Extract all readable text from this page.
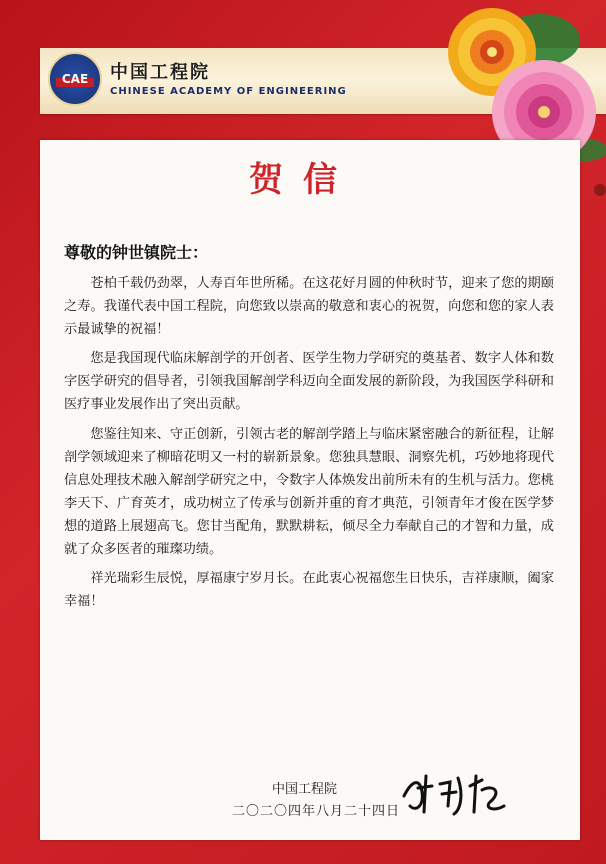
CAE	中国工程院
CHINESE ACADEMY OF ENGINEERING
贺信
尊敬的钟世镇院士：

苍柏千载仍劲翠，人寿百年世所稀。在这花好月圆的仲秋时节，迎来了您的期颐之寿。我谨代表中国工程院，向您致以崇高的敬意和衷心的祝贺，向您和您的家人表示最诚挚的祝福！

您是我国现代临床解剖学的开创者、医学生物力学研究的奠基者、数字人体和数字医学研究的倡导者，引领我国解剖学科迈向全面发展的新阶段，为我国医学科研和医疗事业发展作出了突出贡献。

您鉴往知来、守正创新，引领古老的解剖学踏上与临床紧密融合的新征程，让解剖学领域迎来了柳暗花明又一村的崭新景象。您独具慧眼、洞察先机，巧妙地将现代信息处理技术融入解剖学研究之中，令数字人体焕发出前所未有的生机与活力。您桃李天下、广育英才，成功树立了传承与创新并重的育才典范，引领青年才俊在医学梦想的道路上展翅高飞。您甘当配角，默默耕耘，倾尽全力奉献自己的才智和力量，成就了众多医者的璀璨功绩。

祥光瑞彩生辰悦，厚福康宁岁月长。在此衷心祝福您生日快乐，吉祥康顺，阖家幸福！

中国工程院
二〇二〇四年八月二十四日
